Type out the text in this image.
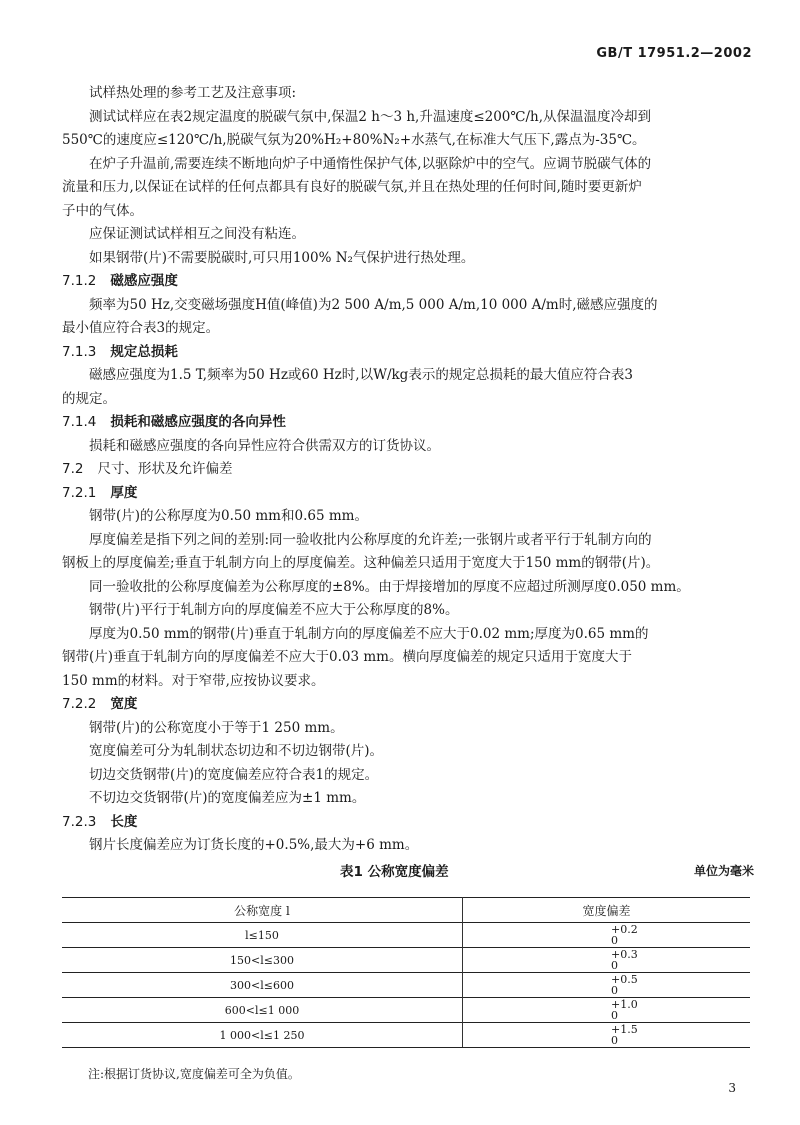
GB/T 17951.2—2002

试样热处理的参考工艺及注意事项:

测试试样应在表2规定温度的脱碳气氛中,保温2 h～3 h,升温速度≤200℃/h,从保温温度冷却到

550℃的速度应≤120℃/h,脱碳气氛为20%H₂+80%N₂+水蒸气,在标准大气压下,露点为-35℃。

在炉子升温前,需要连续不断地向炉子中通惰性保护气体,以驱除炉中的空气。应调节脱碳气体的

流量和压力,以保证在试样的任何点都具有良好的脱碳气氛,并且在热处理的任何时间,随时要更新炉

子中的气体。

应保证测试试样相互之间没有粘连。

如果钢带(片)不需要脱碳时,可只用100% N₂气保护进行热处理。

7.1.2 磁感应强度

频率为50 Hz,交变磁场强度H值(峰值)为2 500 A/m,5 000 A/m,10 000 A/m时,磁感应强度的

最小值应符合表3的规定。

7.1.3 规定总损耗

磁感应强度为1.5 T,频率为50 Hz或60 Hz时,以W/kg表示的规定总损耗的最大值应符合表3

的规定。

7.1.4 损耗和磁感应强度的各向异性

损耗和磁感应强度的各向异性应符合供需双方的订货协议。

7.2 尺寸、形状及允许偏差

7.2.1 厚度

钢带(片)的公称厚度为0.50 mm和0.65 mm。

厚度偏差是指下列之间的差别:同一验收批内公称厚度的允许差;一张钢片或者平行于轧制方向的

钢板上的厚度偏差;垂直于轧制方向上的厚度偏差。这种偏差只适用于宽度大于150 mm的钢带(片)。

同一验收批的公称厚度偏差为公称厚度的±8%。由于焊接增加的厚度不应超过所测厚度0.050 mm。

钢带(片)平行于轧制方向的厚度偏差不应大于公称厚度的8%。

厚度为0.50 mm的钢带(片)垂直于轧制方向的厚度偏差不应大于0.02 mm;厚度为0.65 mm的

钢带(片)垂直于轧制方向的厚度偏差不应大于0.03 mm。横向厚度偏差的规定只适用于宽度大于

150 mm的材料。对于窄带,应按协议要求。

7.2.2 宽度

钢带(片)的公称宽度小于等于1 250 mm。

宽度偏差可分为轧制状态切边和不切边钢带(片)。

切边交货钢带(片)的宽度偏差应符合表1的规定。

不切边交货钢带(片)的宽度偏差应为±1 mm。

7.2.3 长度

钢片长度偏差应为订货长度的+0.5%,最大为+6 mm。

表1 公称宽度偏差	单位为毫米
公称宽度 l	宽度偏差
l≤150	+0.2
0

150<l≤300	+0.3
0

300<l≤600	+0.5
0

600<l≤1 000	+1.0
0

1 000<l≤1 250	+1.5
0
注:根据订货协议,宽度偏差可全为负值。
3
